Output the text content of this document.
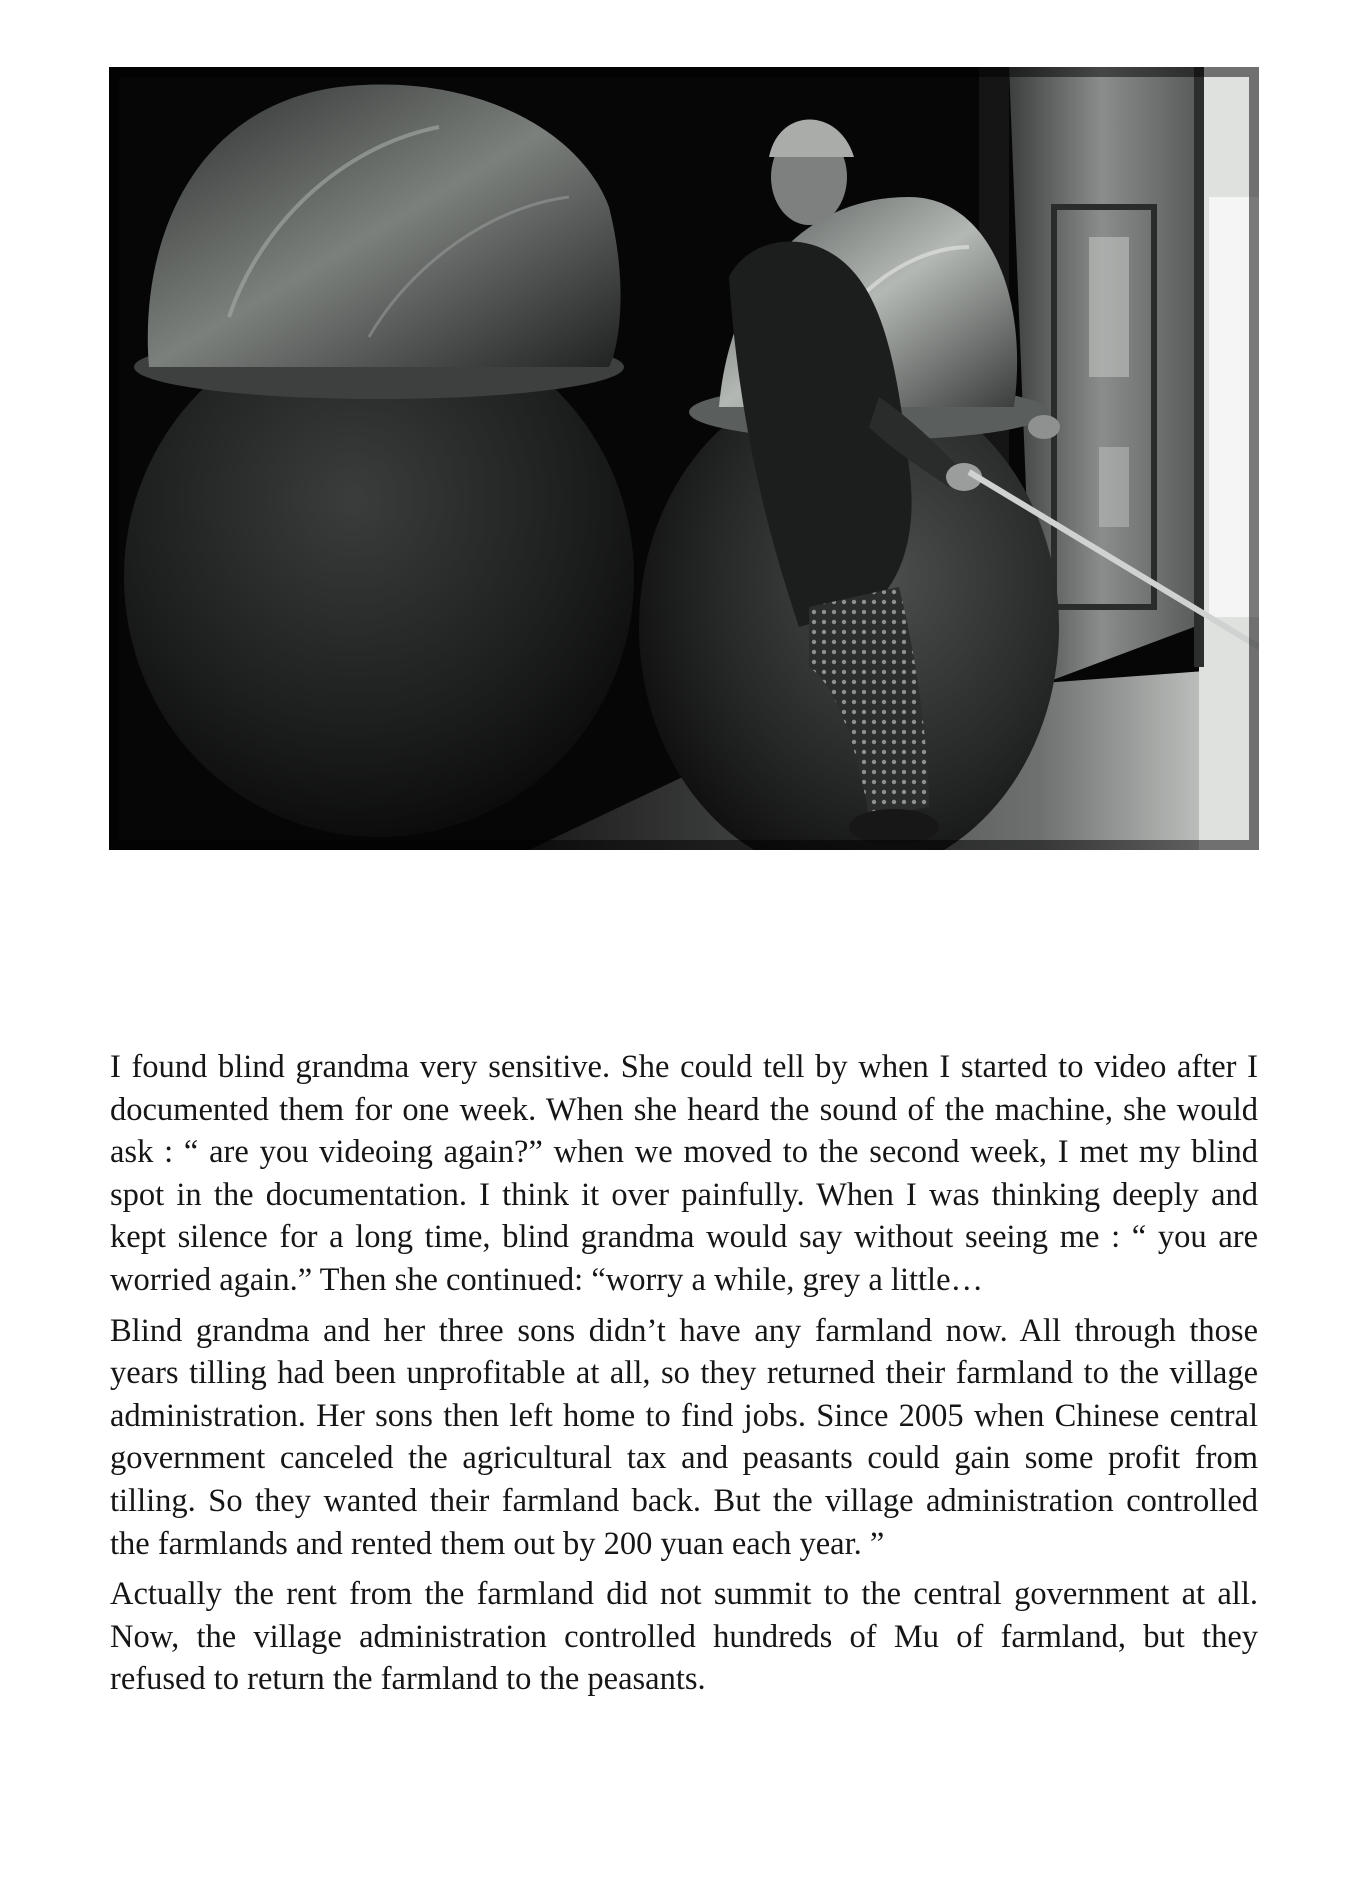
I found blind grandma very sensitive. She could tell by when I started to video after I documented them for one week. When she heard the sound of the machine, she would ask : “ are you videoing again?” when we moved to the second week, I met my blind spot in the documentation. I think it over painfully. When I was thinking deeply and kept silence for a long time, blind grandma would say without seeing me : “ you are worried again.” Then she continued: “worry a while, grey a little…

Blind grandma and her three sons didn’t have any farmland now. All through those years tilling had been unprofitable at all, so they returned their farmland to the village administration. Her sons then left home to find jobs. Since 2005 when Chinese central government canceled the agricultural tax and peasants could gain some profit from tilling. So they wanted their farmland back. But the village administration controlled the farmlands and rented them out by 200 yuan each year. ”

Actually the rent from the farmland did not summit to the central government at all. Now, the village administration controlled hundreds of Mu of farmland, but they refused to return the farmland to the peasants.
